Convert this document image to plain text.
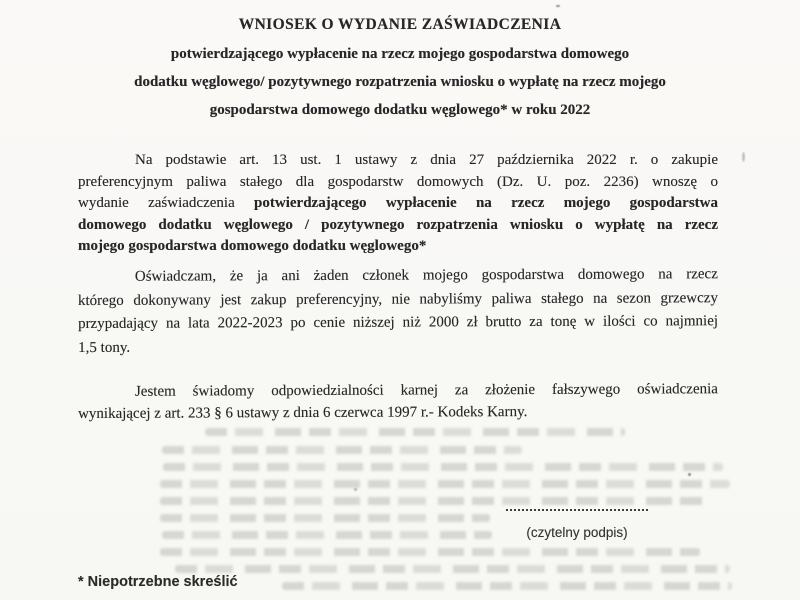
WNIOSEK O WYDANIE ZAŚWIADCZENIA
potwierdzającego wypłacenie na rzecz mojego gospodarstwa domowego
dodatku węglowego/ pozytywnego rozpatrzenia wniosku o wypłatę na rzecz mojego
gospodarstwa domowego dodatku węglowego* w roku 2022
Na podstawie art. 13 ust. 1 ustawy z dnia 27 października 2022 r. o zakupie
preferencyjnym paliwa stałego dla gospodarstw domowych (Dz. U. poz. 2236) wnoszę o
wydanie zaświadczenia potwierdzającego wypłacenie na rzecz mojego gospodarstwa
domowego dodatku węglowego / pozytywnego rozpatrzenia wniosku o wypłatę na rzecz
mojego gospodarstwa domowego dodatku węglowego*
Oświadczam, że ja ani żaden członek mojego gospodarstwa domowego na rzecz
którego dokonywany jest zakup preferencyjny, nie nabyliśmy paliwa stałego na sezon grzewczy
przypadający na lata 2022-2023 po cenie niższej niż 2000 zł brutto za tonę w ilości co najmniej
1,5 tony.
Jestem świadomy odpowiedzialności karnej za złożenie fałszywego oświadczenia
wynikającej z art. 233 § 6 ustawy z dnia 6 czerwca 1997 r.- Kodeks Karny.
(czytelny podpis)
* Niepotrzebne skreślić
